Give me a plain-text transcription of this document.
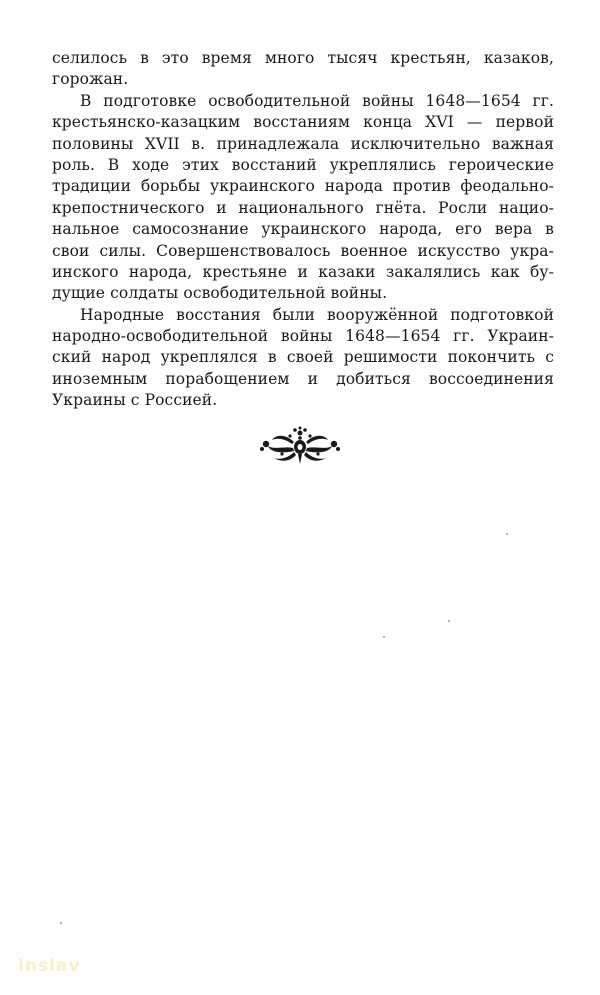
селилось в это время много тысяч крестьян, казаков,
горожан.
В подготовке освободительной войны 1648—1654 гг.
крестьянско-казацким восстаниям конца XVI — первой
половины XVII в. принадлежала исключительно важная
роль. В ходе этих восстаний укреплялись героические
традиции борьбы украинского народа против феодально-
крепостнического и национального гнёта. Росли нацио-
нальное самосознание украинского народа, его вера в
свои силы. Совершенствовалось военное искусство укра-
инского народа, крестьяне и казаки закалялись как бу-
дущие солдаты освободительной войны.
Народные восстания были вооружённой подготовкой
народно-освободительной войны 1648—1654 гг. Украин-
ский народ укреплялся в своей решимости покончить с
иноземным порабощением и добиться воссоединения
Украины с Россией.
inslav
